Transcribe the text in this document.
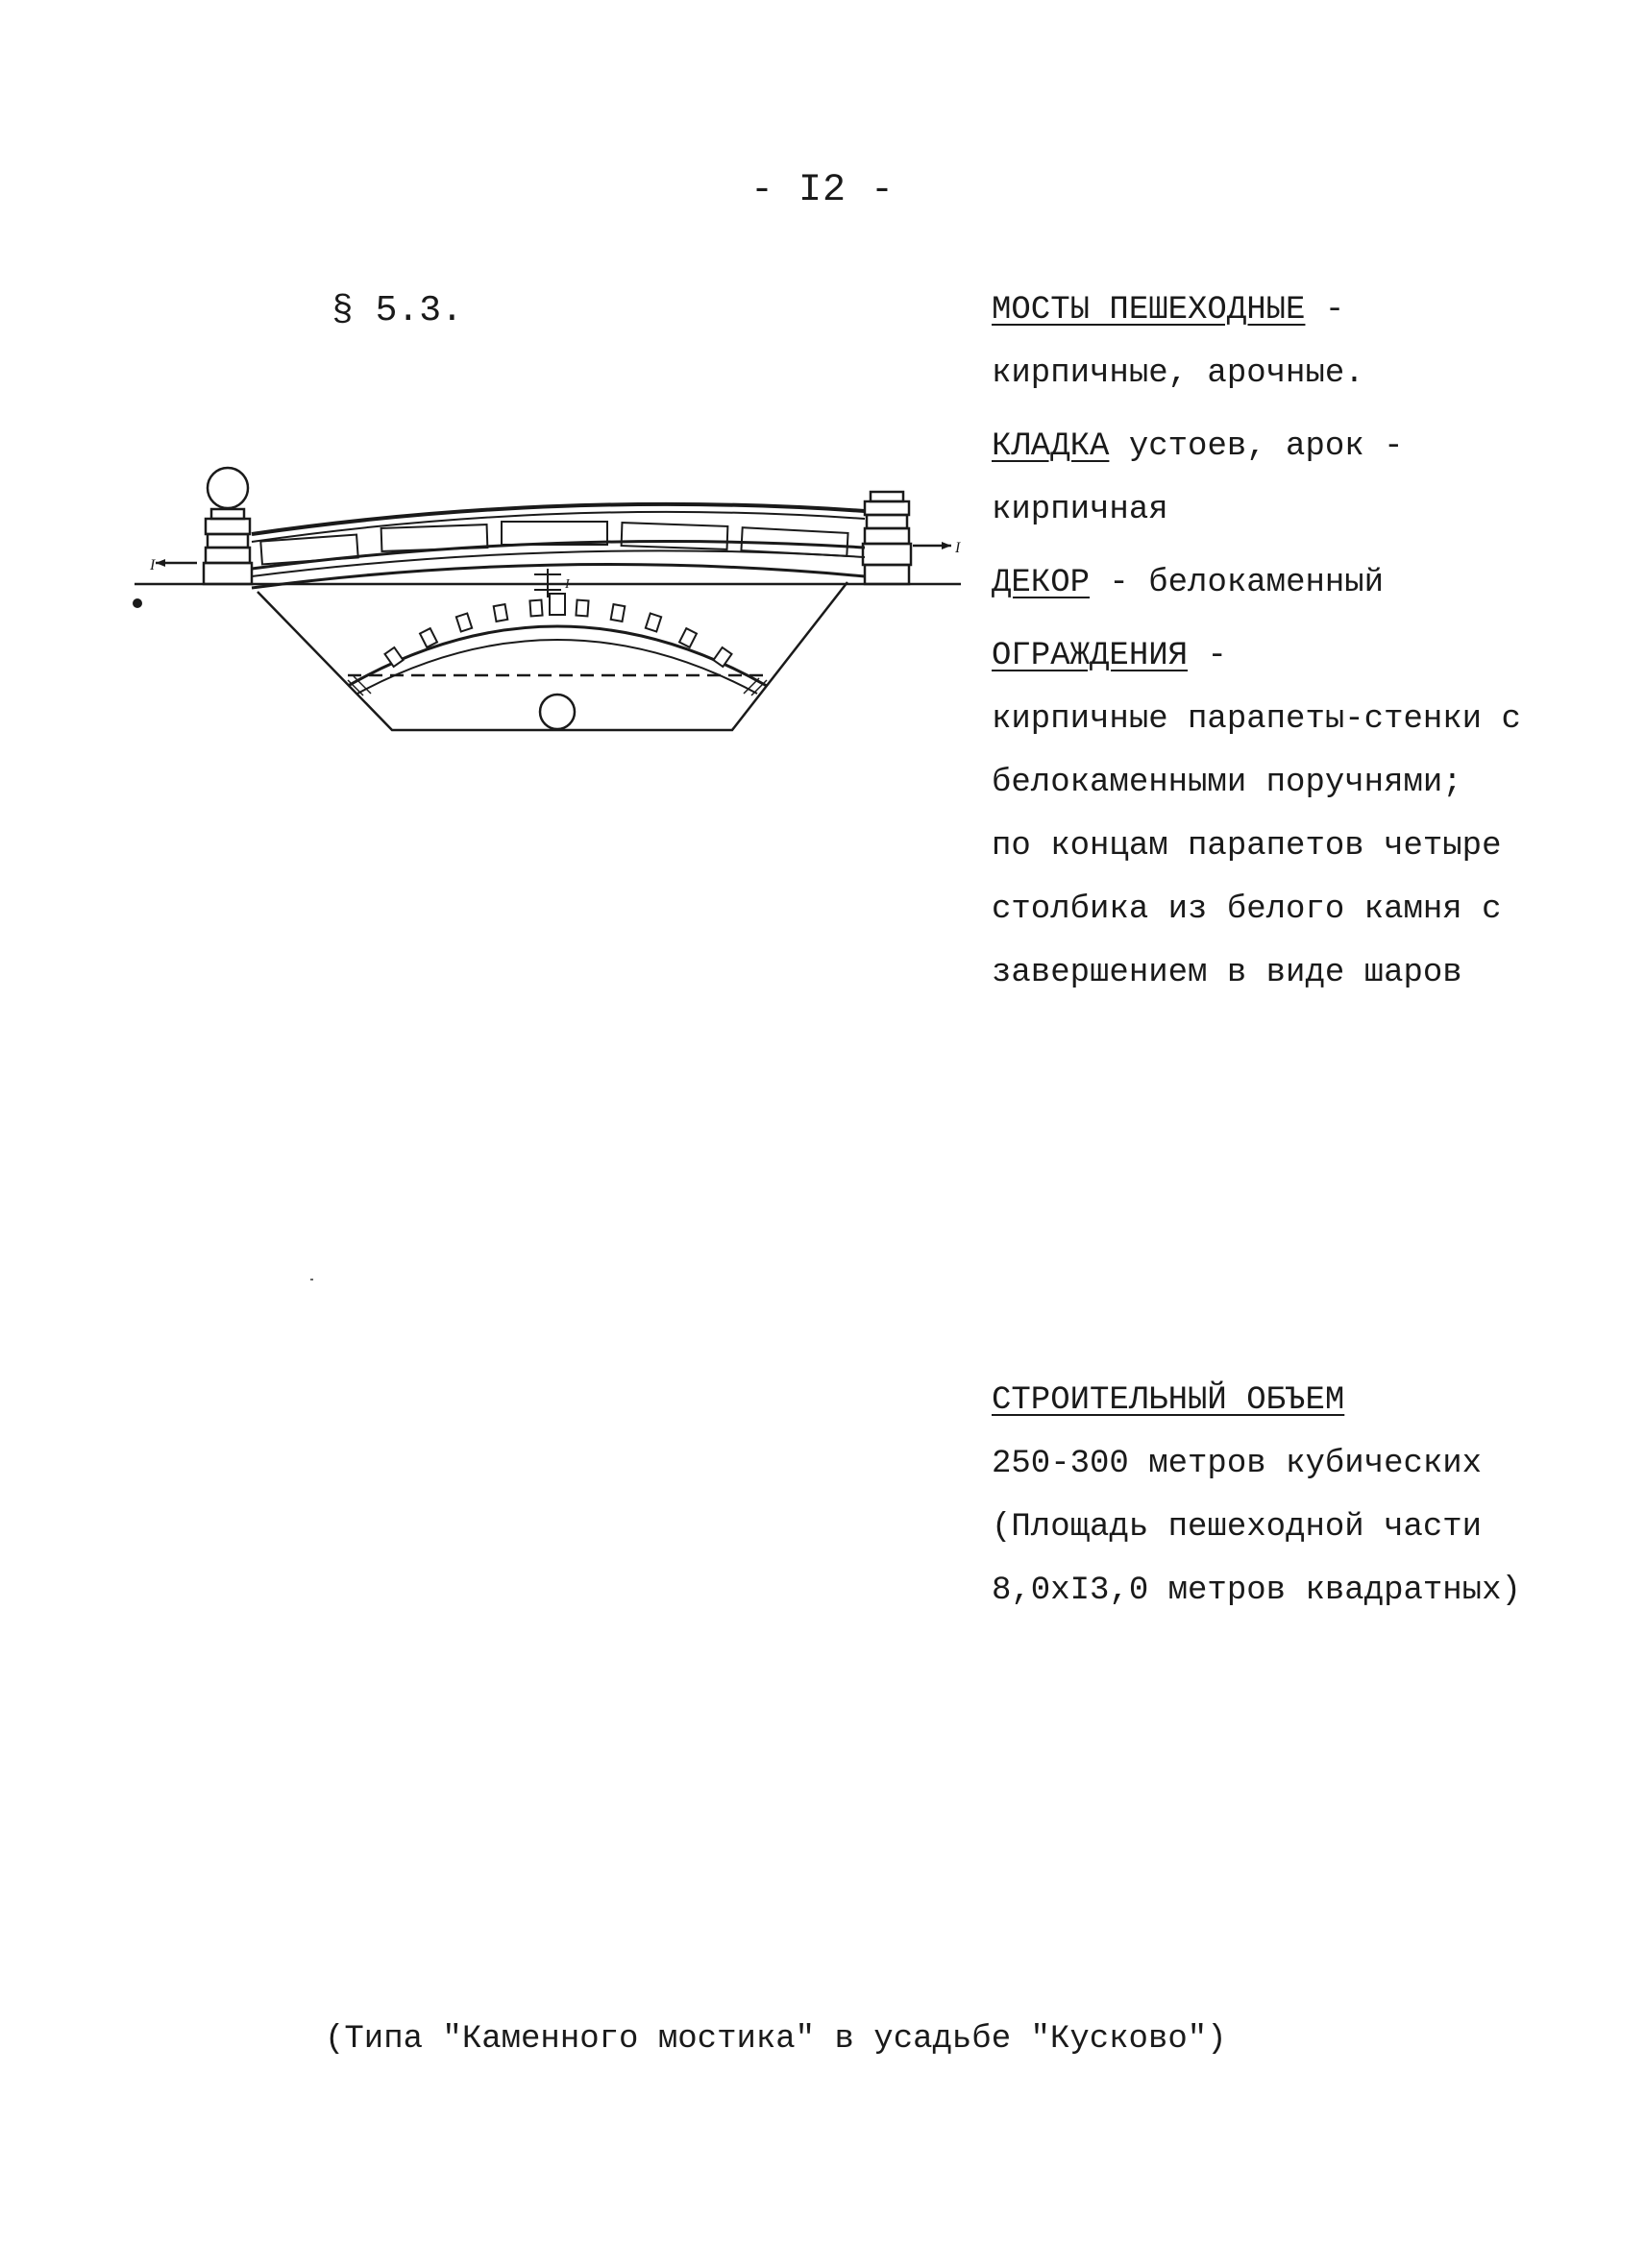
- I2 -
§ 5.3.
I
I
I
МОСТЫ ПЕШЕХОДНЫЕ -
кирпичные, арочные.
КЛАДКА устоев, арок -
кирпичная
ДЕКОР - белокаменный
ОГРАЖДЕНИЯ -
кирпичные парапеты-стенки с
белокаменными поручнями;
по концам парапетов четыре
столбика из белого камня с
завершением в виде шаров
СТРОИТЕЛЬНЫЙ ОБЪЕМ
250-300 метров кубических
(Площадь пешеходной части
8,0хI3,0 метров квадратных)
(Типа "Каменного мостика" в усадьбе "Кусково")
